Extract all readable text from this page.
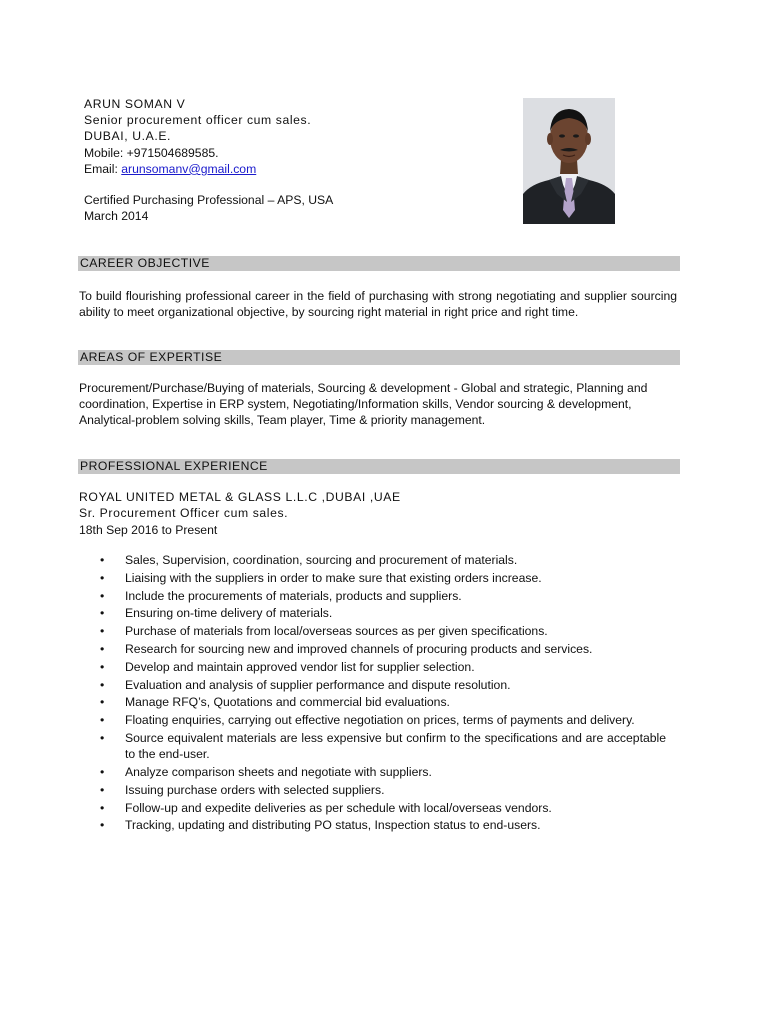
ARUN SOMAN V
Senior procurement officer cum sales.
DUBAI, U.A.E.
Mobile: +971504689585.
Email: arunsomanv@gmail.com
Certified Purchasing Professional – APS, USA
March 2014
CAREER OBJECTIVE
To build flourishing professional career in the field of purchasing with strong negotiating and supplier sourcing ability to meet organizational objective, by sourcing right material in right price and right time.
AREAS OF EXPERTISE
Procurement/Purchase/Buying of materials, Sourcing & development - Global and strategic, Planning and coordination, Expertise in ERP system, Negotiating/Information skills, Vendor sourcing & development, Analytical-problem solving skills, Team player, Time & priority management.
PROFESSIONAL EXPERIENCE
ROYAL UNITED METAL & GLASS L.L.C ,DUBAI ,UAE
Sr. Procurement Officer cum sales.
18th Sep 2016 to Present
• Sales, Supervision, coordination, sourcing and procurement of materials.
• Liaising with the suppliers in order to make sure that existing orders increase.
• Include the procurements of materials, products and suppliers.
• Ensuring on-time delivery of materials.
• Purchase of materials from local/overseas sources as per given specifications.
• Research for sourcing new and improved channels of procuring products and services.
• Develop and maintain approved vendor list for supplier selection.
• Evaluation and analysis of supplier performance and dispute resolution.
• Manage RFQ’s, Quotations and commercial bid evaluations.
• Floating enquiries, carrying out effective negotiation on prices, terms of payments and delivery.
• Source equivalent materials are less expensive but confirm to the specifications and are acceptable to the end-user.
• Analyze comparison sheets and negotiate with suppliers.
• Issuing purchase orders with selected suppliers.
• Follow-up and expedite deliveries as per schedule with local/overseas vendors.
• Tracking, updating and distributing PO status, Inspection status to end-users.
